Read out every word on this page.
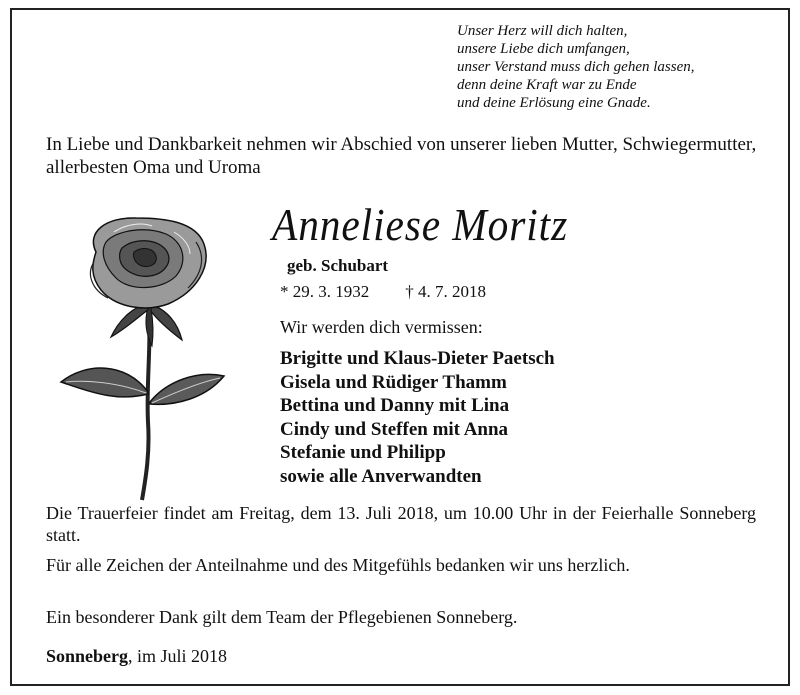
Unser Herz will dich halten,
unsere Liebe dich umfangen,
unser Verstand muss dich gehen lassen,
denn deine Kraft war zu Ende
und deine Erlösung eine Gnade.
In Liebe und Dankbarkeit nehmen wir Abschied von unserer lieben Mutter, Schwiegermutter, allerbesten Oma und Uroma
Anneliese Moritz
geb. Schubart
* 29. 3. 1932 † 4. 7. 2018
Wir werden dich vermissen:
Brigitte und Klaus-Dieter Paetsch
Gisela und Rüdiger Thamm
Bettina und Danny mit Lina
Cindy und Steffen mit Anna
Stefanie und Philipp
sowie alle Anverwandten
Die Trauerfeier findet am Freitag, dem 13. Juli 2018, um 10.00 Uhr in der Feierhalle Sonneberg statt.
Für alle Zeichen der Anteilnahme und des Mitgefühls bedanken wir uns herzlich.
Ein besonderer Dank gilt dem Team der Pflegebienen Sonneberg.
Sonneberg, im Juli 2018
